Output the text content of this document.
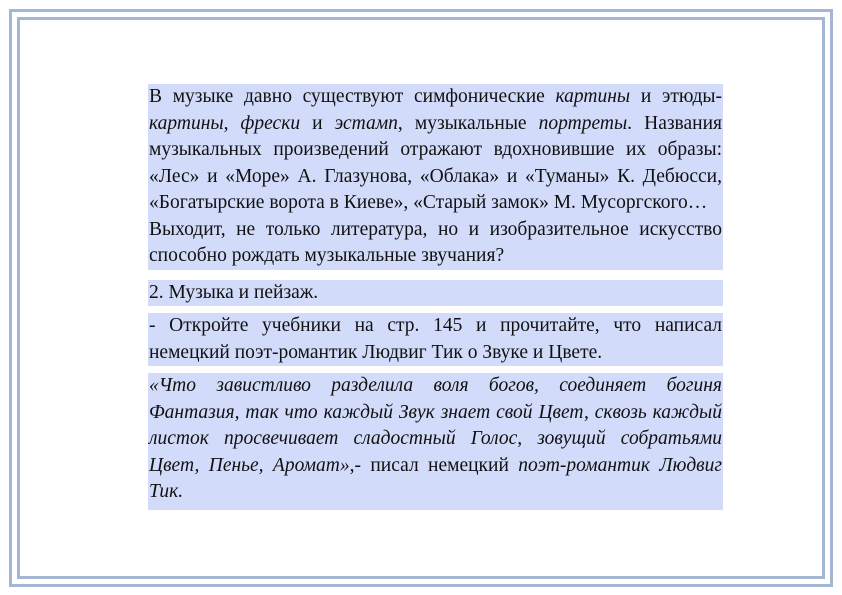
В музыке давно существуют симфонические картины и этюды-картины, фрески и эстамп, музыкальные портреты. Названия музыкальных произведений отражают вдохновившие их образы: «Лес» и «Море» А. Глазунова, «Облака» и «Туманы» К. Дебюсси, «Богатырские ворота в Киеве», «Старый замок» М. Мусоргского…

Выходит, не только литература, но и изобразительное искусство способно рождать музыкальные звучания?

2. Музыка и пейзаж.

- Откройте учебники на стр. 145 и прочитайте, что написал немецкий поэт-романтик Людвиг Тик о Звуке и Цвете.

«Что завистливо разделила воля богов, соединяет богиня Фантазия, так что каждый Звук знает свой Цвет, сквозь каждый листок просвечивает сладостный Голос, зовущий собратьями Цвет, Пенье, Аромат»,- писал немецкий поэт-романтик Людвиг Тик.
